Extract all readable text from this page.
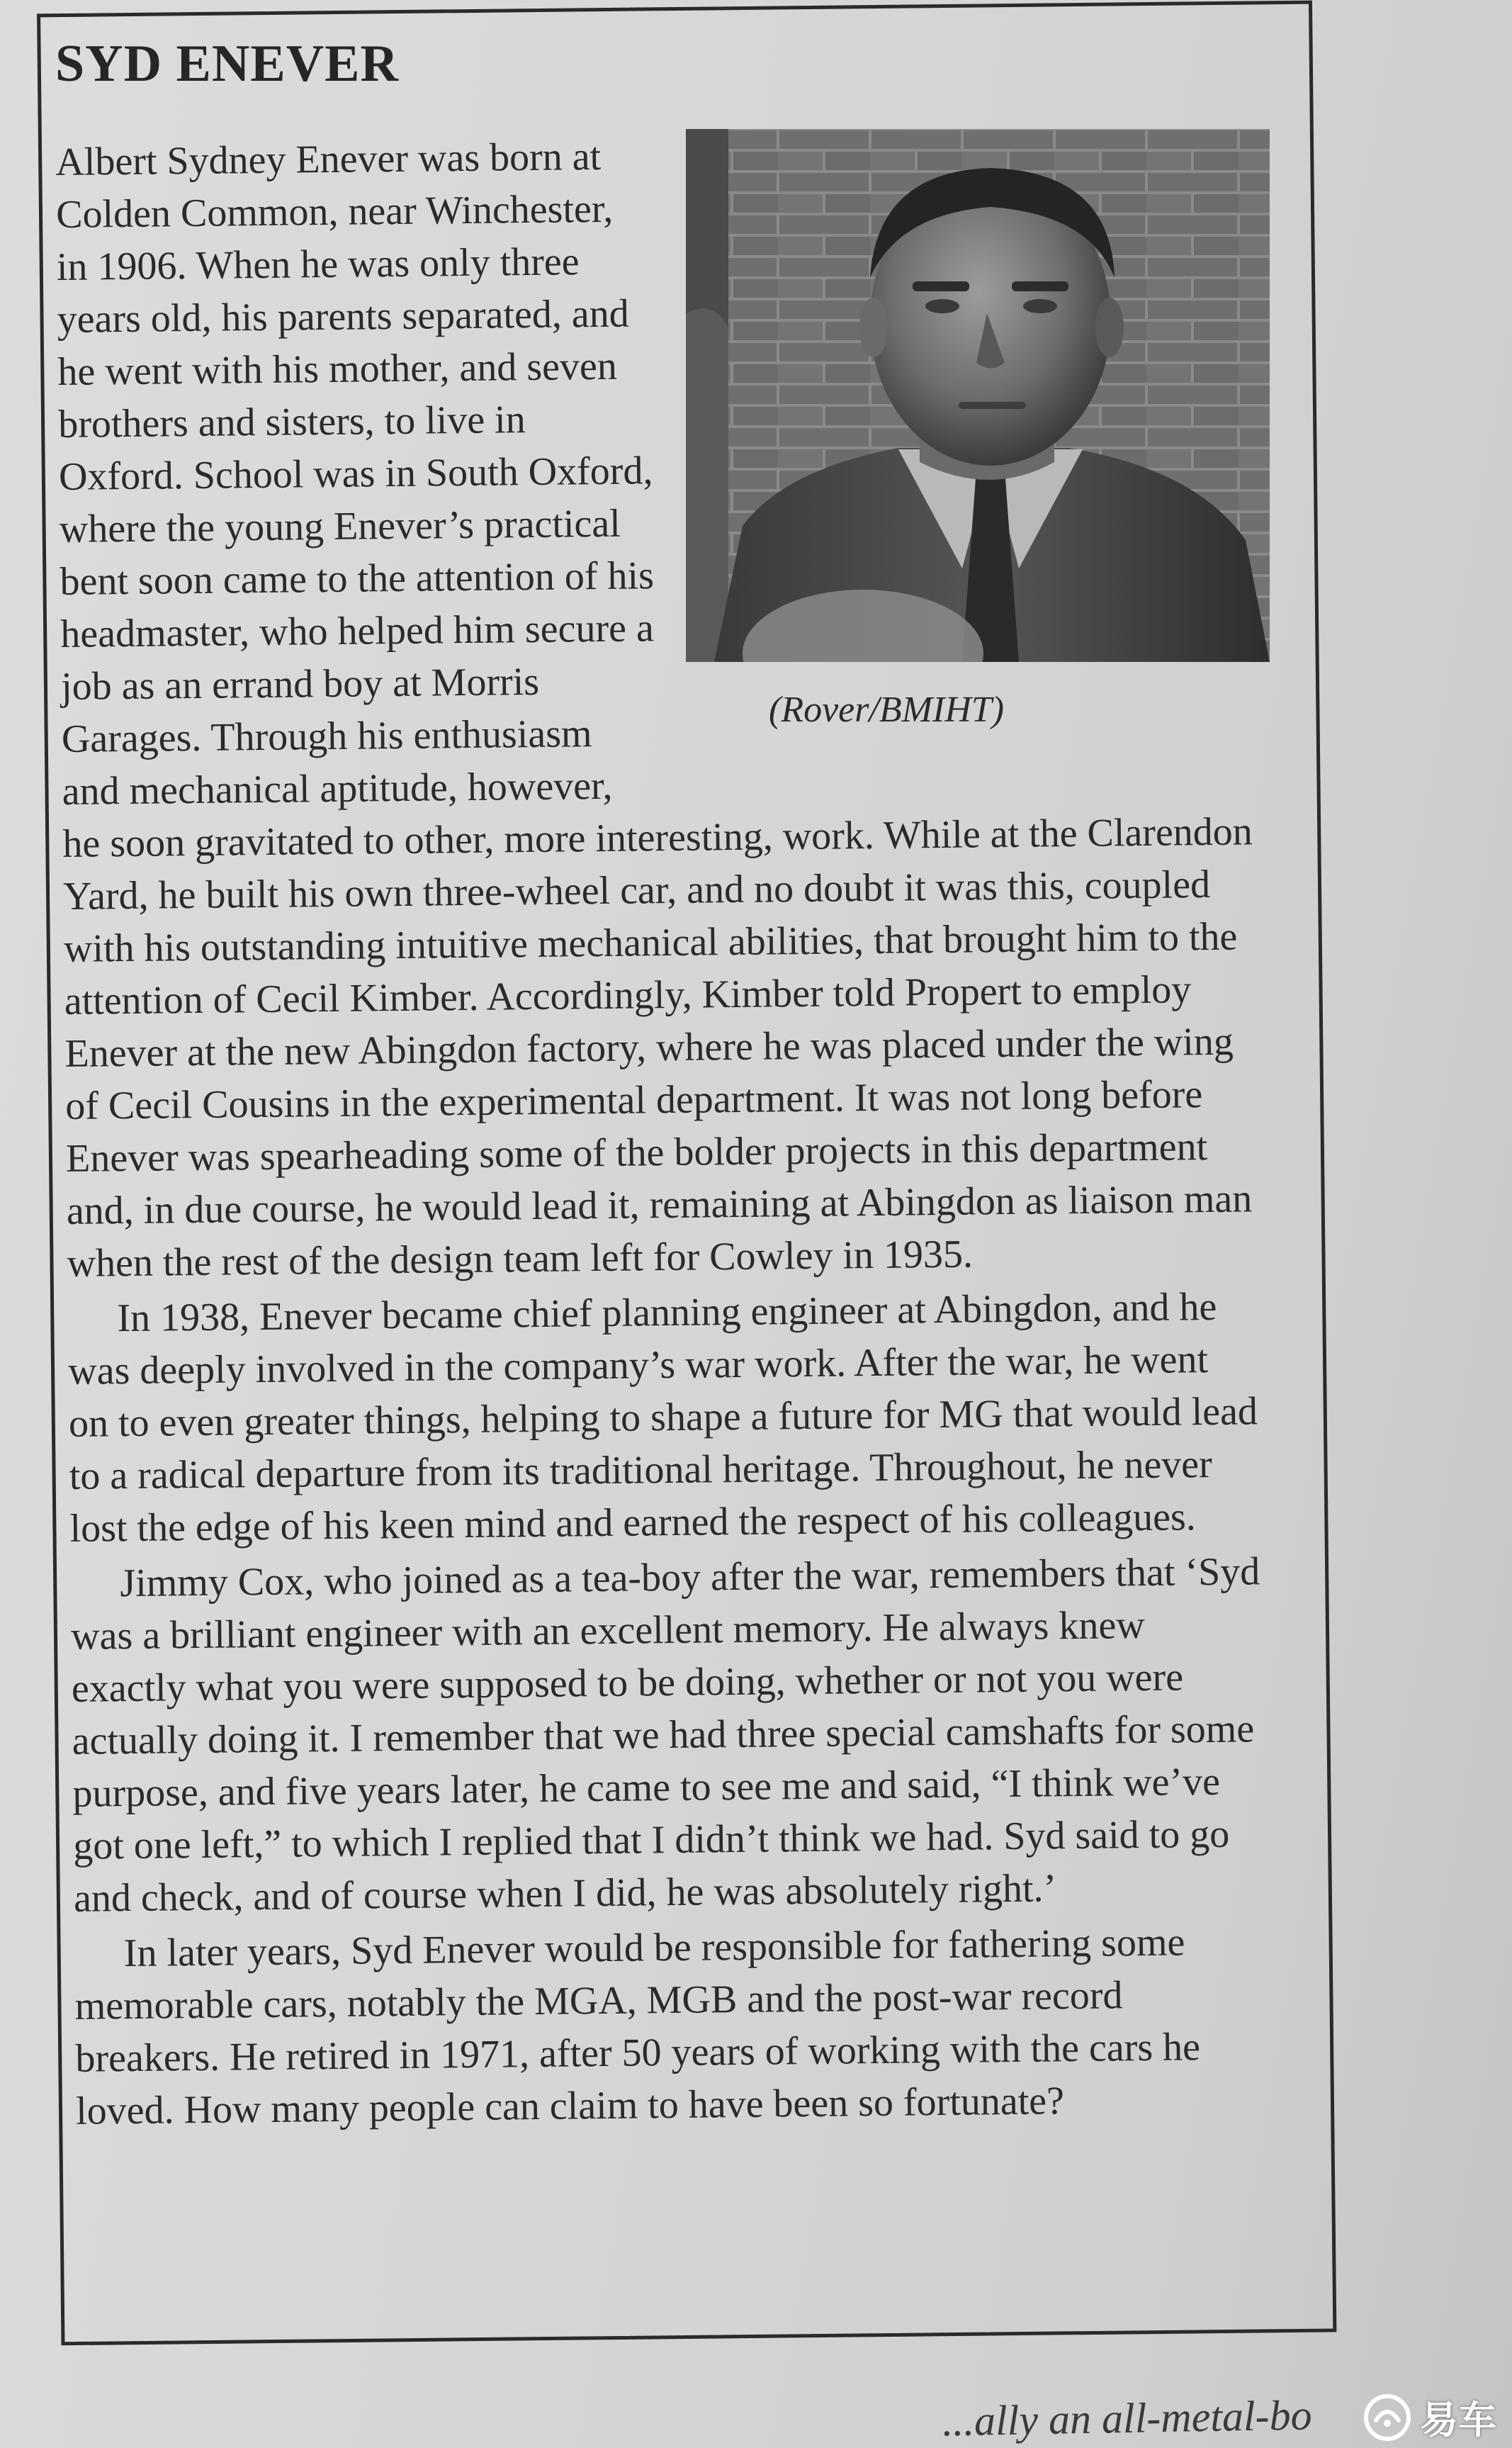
SYD ENEVER
(Rover/BMIHT)
Albert Sydney Enever was born at
Colden Common, near Winchester,
in 1906. When he was only three
years old, his parents separated, and
he went with his mother, and seven
brothers and sisters, to live in
Oxford. School was in South Oxford,
where the young Enever’s practical
bent soon came to the attention of his
headmaster, who helped him secure a
job as an errand boy at Morris
Garages. Through his enthusiasm
and mechanical aptitude, however,
he soon gravitated to other, more interesting, work. While at the Clarendon
Yard, he built his own three-wheel car, and no doubt it was this, coupled
with his outstanding intuitive mechanical abilities, that brought him to the
attention of Cecil Kimber. Accordingly, Kimber told Propert to employ
Enever at the new Abingdon factory, where he was placed under the wing
of Cecil Cousins in the experimental department. It was not long before
Enever was spearheading some of the bolder projects in this department
and, in due course, he would lead it, remaining at Abingdon as liaison man
when the rest of the design team left for Cowley in 1935.
In 1938, Enever became chief planning engineer at Abingdon, and he
was deeply involved in the company’s war work. After the war, he went
on to even greater things, helping to shape a future for MG that would lead
to a radical departure from its traditional heritage. Throughout, he never
lost the edge of his keen mind and earned the respect of his colleagues.
Jimmy Cox, who joined as a tea-boy after the war, remembers that ‘Syd
was a brilliant engineer with an excellent memory. He always knew
exactly what you were supposed to be doing, whether or not you were
actually doing it. I remember that we had three special camshafts for some
purpose, and five years later, he came to see me and said, “I think we’ve
got one left,” to which I replied that I didn’t think we had. Syd said to go
and check, and of course when I did, he was absolutely right.’
In later years, Syd Enever would be responsible for fathering some
memorable cars, notably the MGA, MGB and the post-war record
breakers. He retired in 1971, after 50 years of working with the cars he
loved. How many people can claim to have been so fortunate?
...ally an all-metal-bo	易车
